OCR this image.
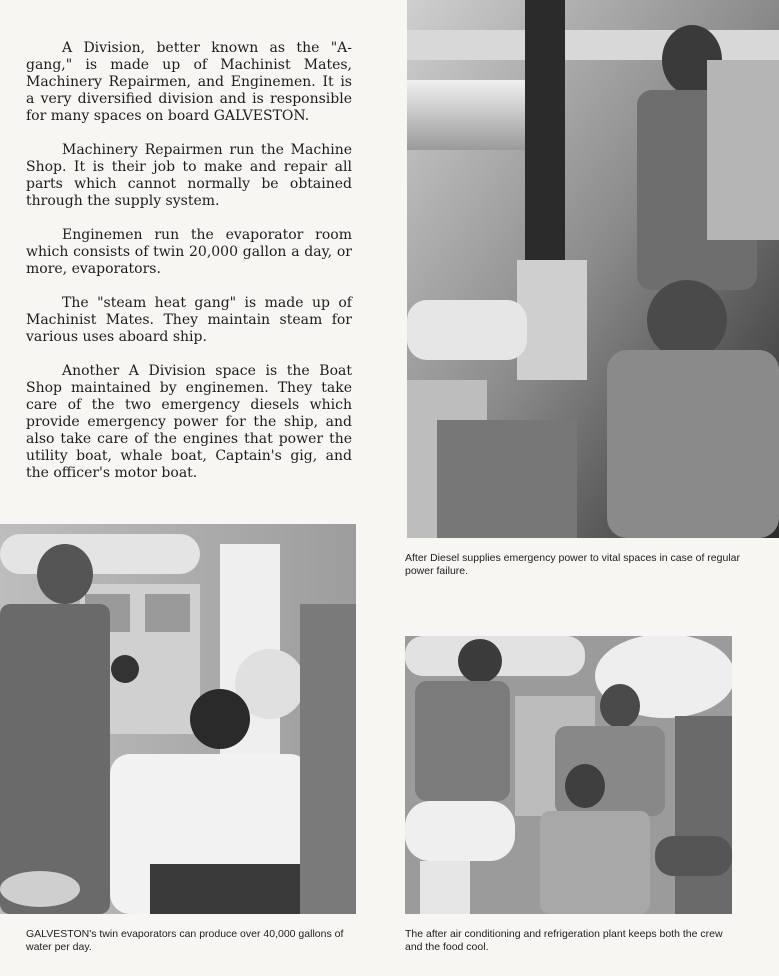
A Division, better known as the "A-gang," is made up of Machinist Mates, Machinery Repairmen, and Enginemen. It is a very diversified division and is responsible for many spaces on board GALVESTON.

Machinery Repairmen run the Machine Shop. It is their job to make and repair all parts which cannot normally be obtained through the supply system.

Enginemen run the evaporator room which consists of twin 20,000 gallon a day, or more, evaporators.

The "steam heat gang" is made up of Machinist Mates. They maintain steam for various uses aboard ship.

Another A Division space is the Boat Shop maintained by enginemen. They take care of the two emergency diesels which provide emergency power for the ship, and also take care of the engines that power the utility boat, whale boat, Captain's gig, and the officer's motor boat.

After Diesel supplies emergency power to vital spaces in case of regular power failure.
GALVESTON's twin evaporators can produce over 40,000 gallons of water per day.
The after air conditioning and refrigeration plant keeps both the crew and the food cool.
